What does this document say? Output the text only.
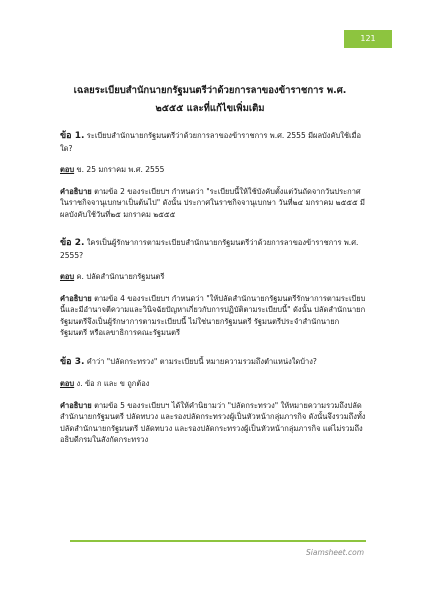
121
เฉลยระเบียบสำนักนายกรัฐมนตรีว่าด้วยการลาของข้าราชการ พ.ศ. ๒๕๕๕ และที่แก้ไขเพิ่มเติม

ข้อ 1. ระเบียบสำนักนายกรัฐมนตรีว่าด้วยการลาของข้าราชการ พ.ศ. 2555 มีผลบังคับใช้เมื่อใด?

ตอบ ข. 25 มกราคม พ.ศ. 2555

คำอธิบาย ตามข้อ 2 ของระเบียบฯ กำหนดว่า "ระเบียบนี้ให้ใช้บังคับตั้งแต่วันถัดจากวันประกาศในราชกิจจานุเบกษาเป็นต้นไป" ดังนั้น ประกาศในราชกิจจานุเบกษา วันที่๒๔ มกราคม ๒๕๕๕ มีผลบังคับใช้วันที่๒๕ มกราคม ๒๕๕๕

ข้อ 2. ใครเป็นผู้รักษาการตามระเบียบสำนักนายกรัฐมนตรีว่าด้วยการลาของข้าราชการ พ.ศ. 2555?

ตอบ ค. ปลัดสำนักนายกรัฐมนตรี

คำอธิบาย ตามข้อ 4 ของระเบียบฯ กำหนดว่า "ให้ปลัดสำนักนายกรัฐมนตรีรักษาการตามระเบียบนี้และมีอำนาจตีความและวินิจฉัยปัญหาเกี่ยวกับการปฏิบัติตามระเบียบนี้" ดังนั้น ปลัดสำนักนายกรัฐมนตรีจึงเป็นผู้รักษาการตามระเบียบนี้ ไม่ใช่นายกรัฐมนตรี รัฐมนตรีประจำสำนักนายกรัฐมนตรี หรือเลขาธิการคณะรัฐมนตรี

ข้อ 3. คำว่า "ปลัดกระทรวง" ตามระเบียบนี้ หมายความรวมถึงตำแหน่งใดบ้าง?

ตอบ ง. ข้อ ก และ ข ถูกต้อง

คำอธิบาย ตามข้อ 5 ของระเบียบฯ ได้ให้คำนิยามว่า "ปลัดกระทรวง" ให้หมายความรวมถึงปลัดสำนักนายกรัฐมนตรี ปลัดทบวง และรองปลัดกระทรวงผู้เป็นหัวหน้ากลุ่มภารกิจ ดังนั้นจึงรวมถึงทั้งปลัดสำนักนายกรัฐมนตรี ปลัดทบวง และรองปลัดกระทรวงผู้เป็นหัวหน้ากลุ่มภารกิจ แต่ไม่รวมถึงอธิบดีกรมในสังกัดกระทรวง

Siamsheet.com
